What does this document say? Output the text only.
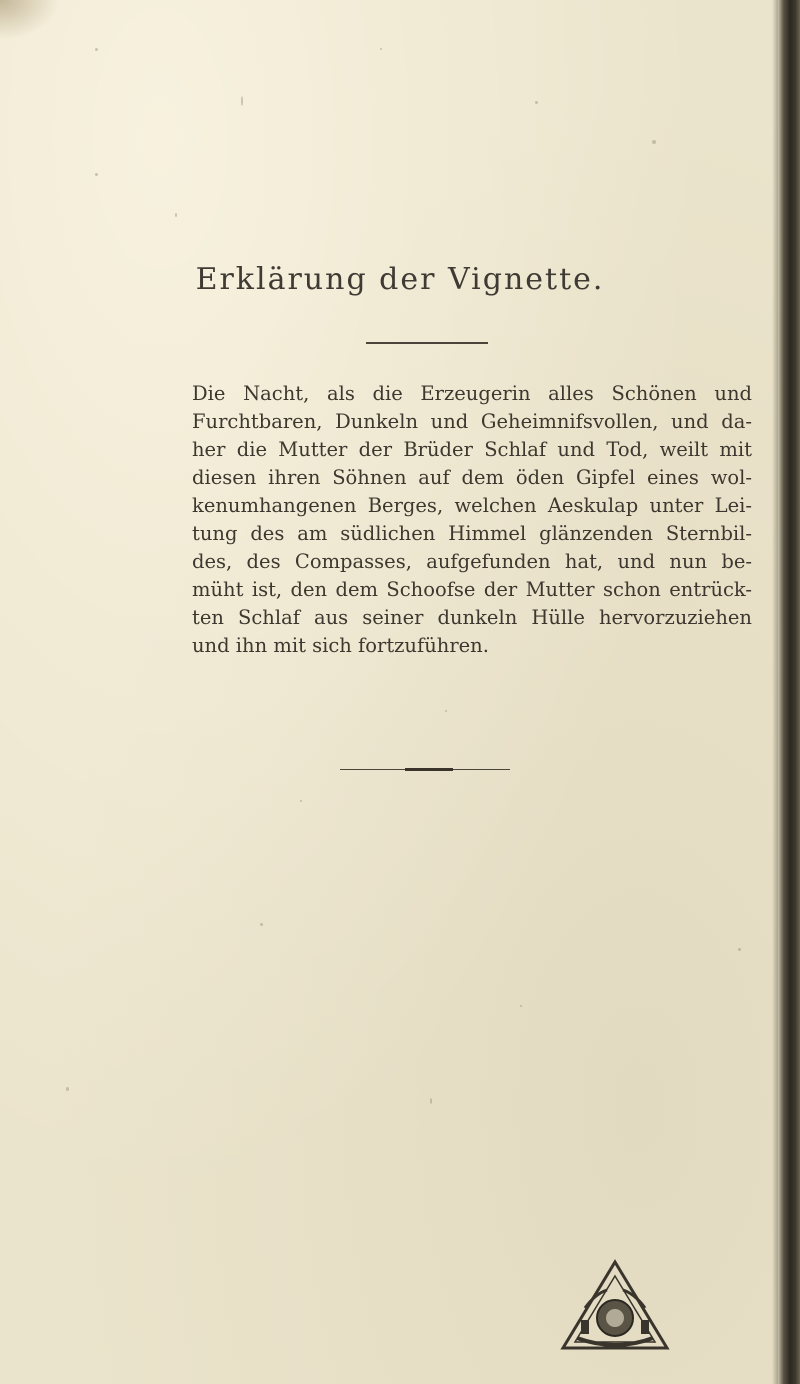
Erklärung der Vignette.
Die Nacht, als die Erzeugerin alles Schönen und
Furchtbaren, Dunkeln und Geheimnifsvollen, und da-
her die Mutter der Brüder Schlaf und Tod, weilt mit
diesen ihren Söhnen auf dem öden Gipfel eines wol-
kenumhangenen Berges, welchen Aeskulap unter Lei-
tung des am südlichen Himmel glänzenden Sternbil-
des, des Compasses, aufgefunden hat, und nun be-
müht ist, den dem Schoofse der Mutter schon entrück-
ten Schlaf aus seiner dunkeln Hülle hervorzuziehen
und ihn mit sich fortzuführen.
